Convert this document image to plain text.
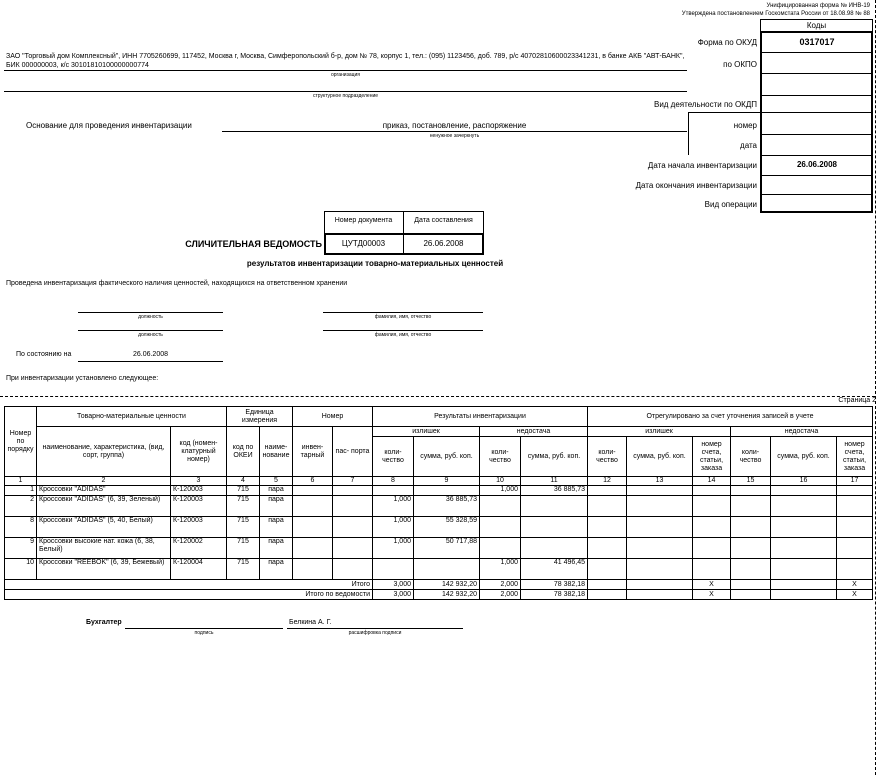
Унифицированная форма № ИНВ-19
Утверждена постановлением Госкомстата России от 18.08.98 № 88
Коды
0317017
Форма по ОКУД
по ОКПО
Вид деятельности по ОКДП
номер
дата
Дата начала инвентаризации	26.06.2008
Дата окончания инвентаризации
Вид операции
ЗАО "Торговый дом Комплексный", ИНН 7705260699, 117452, Москва г, Москва, Симферопольский б-р, дом № 78, корпус 1, тел.: (095) 1123456, доб. 789, р/с 40702810600023341231, в банке АКБ "АВТ-БАНК", БИК 000000003, к/с 30101810100000000774
организация
структурное подразделение
Основание для проведения инвентаризации	приказ, постановление, распоряжение
ненужное зачеркнуть
Номер документа	Дата составления
ЦУТД00003	26.06.2008
СЛИЧИТЕЛЬНАЯ ВЕДОМОСТЬ
результатов инвентаризации товарно-материальных ценностей
Проведена инвентаризация фактического наличия ценностей, находящихся на ответственном хранении
должность	фамилия, имя, отчество
должность	фамилия, имя, отчество
По состоянию на	26.06.2008
При инвентаризации установлено следующее:
Страница 2
Номер по порядку	Товарно-материальные ценности		Единица измерения		Номер		Результаты инвентаризации				Отрегулировано за счет уточнения записей в учете					
	наименование, характеристика, (вид, сорт, группа)	код (номен- клатурный номер)	код по ОКЕИ	наиме- нование	инвен- тарный	пас- порта	излишек		недостача		излишек			недостача		
							коли- чество	сумма, руб. коп.	коли- чество	сумма, руб. коп.	коли- чество	сумма, руб. коп.	номер счета, статьи, заказа	коли- чество	сумма, руб. коп.	номер счета, статьи, заказа
1	2	3	4	5	6	7	8	9	10	11	12	13	14	15	16	17
1	Кроссовки "ADIDAS"	К-120003	715	пара					1,000	36 885,73						
2	Кроссовки "ADIDAS" (6, 39, Зеленый)	К-120003	715	пара			1,000	36 885,73								
8	Кроссовки "ADIDAS" (5, 40, Белый)	К-120003	715	пара			1,000	55 328,59								
9	Кроссовки высокие нат. кожа (6, 38, Белый)	К-120002	715	пара			1,000	50 717,88								
10	Кроссовки "REEBOK" (6, 39, Бежевый)	К-120004	715	пара					1,000	41 496,45						
Итого							3,000	142 932,20	2,000	78 382,18			X			X
Итого по ведомости							3,000	142 932,20	2,000	78 382,18			X			X
Бухгалтер
подпись
Белкина А. Г.
расшифровка подписи
